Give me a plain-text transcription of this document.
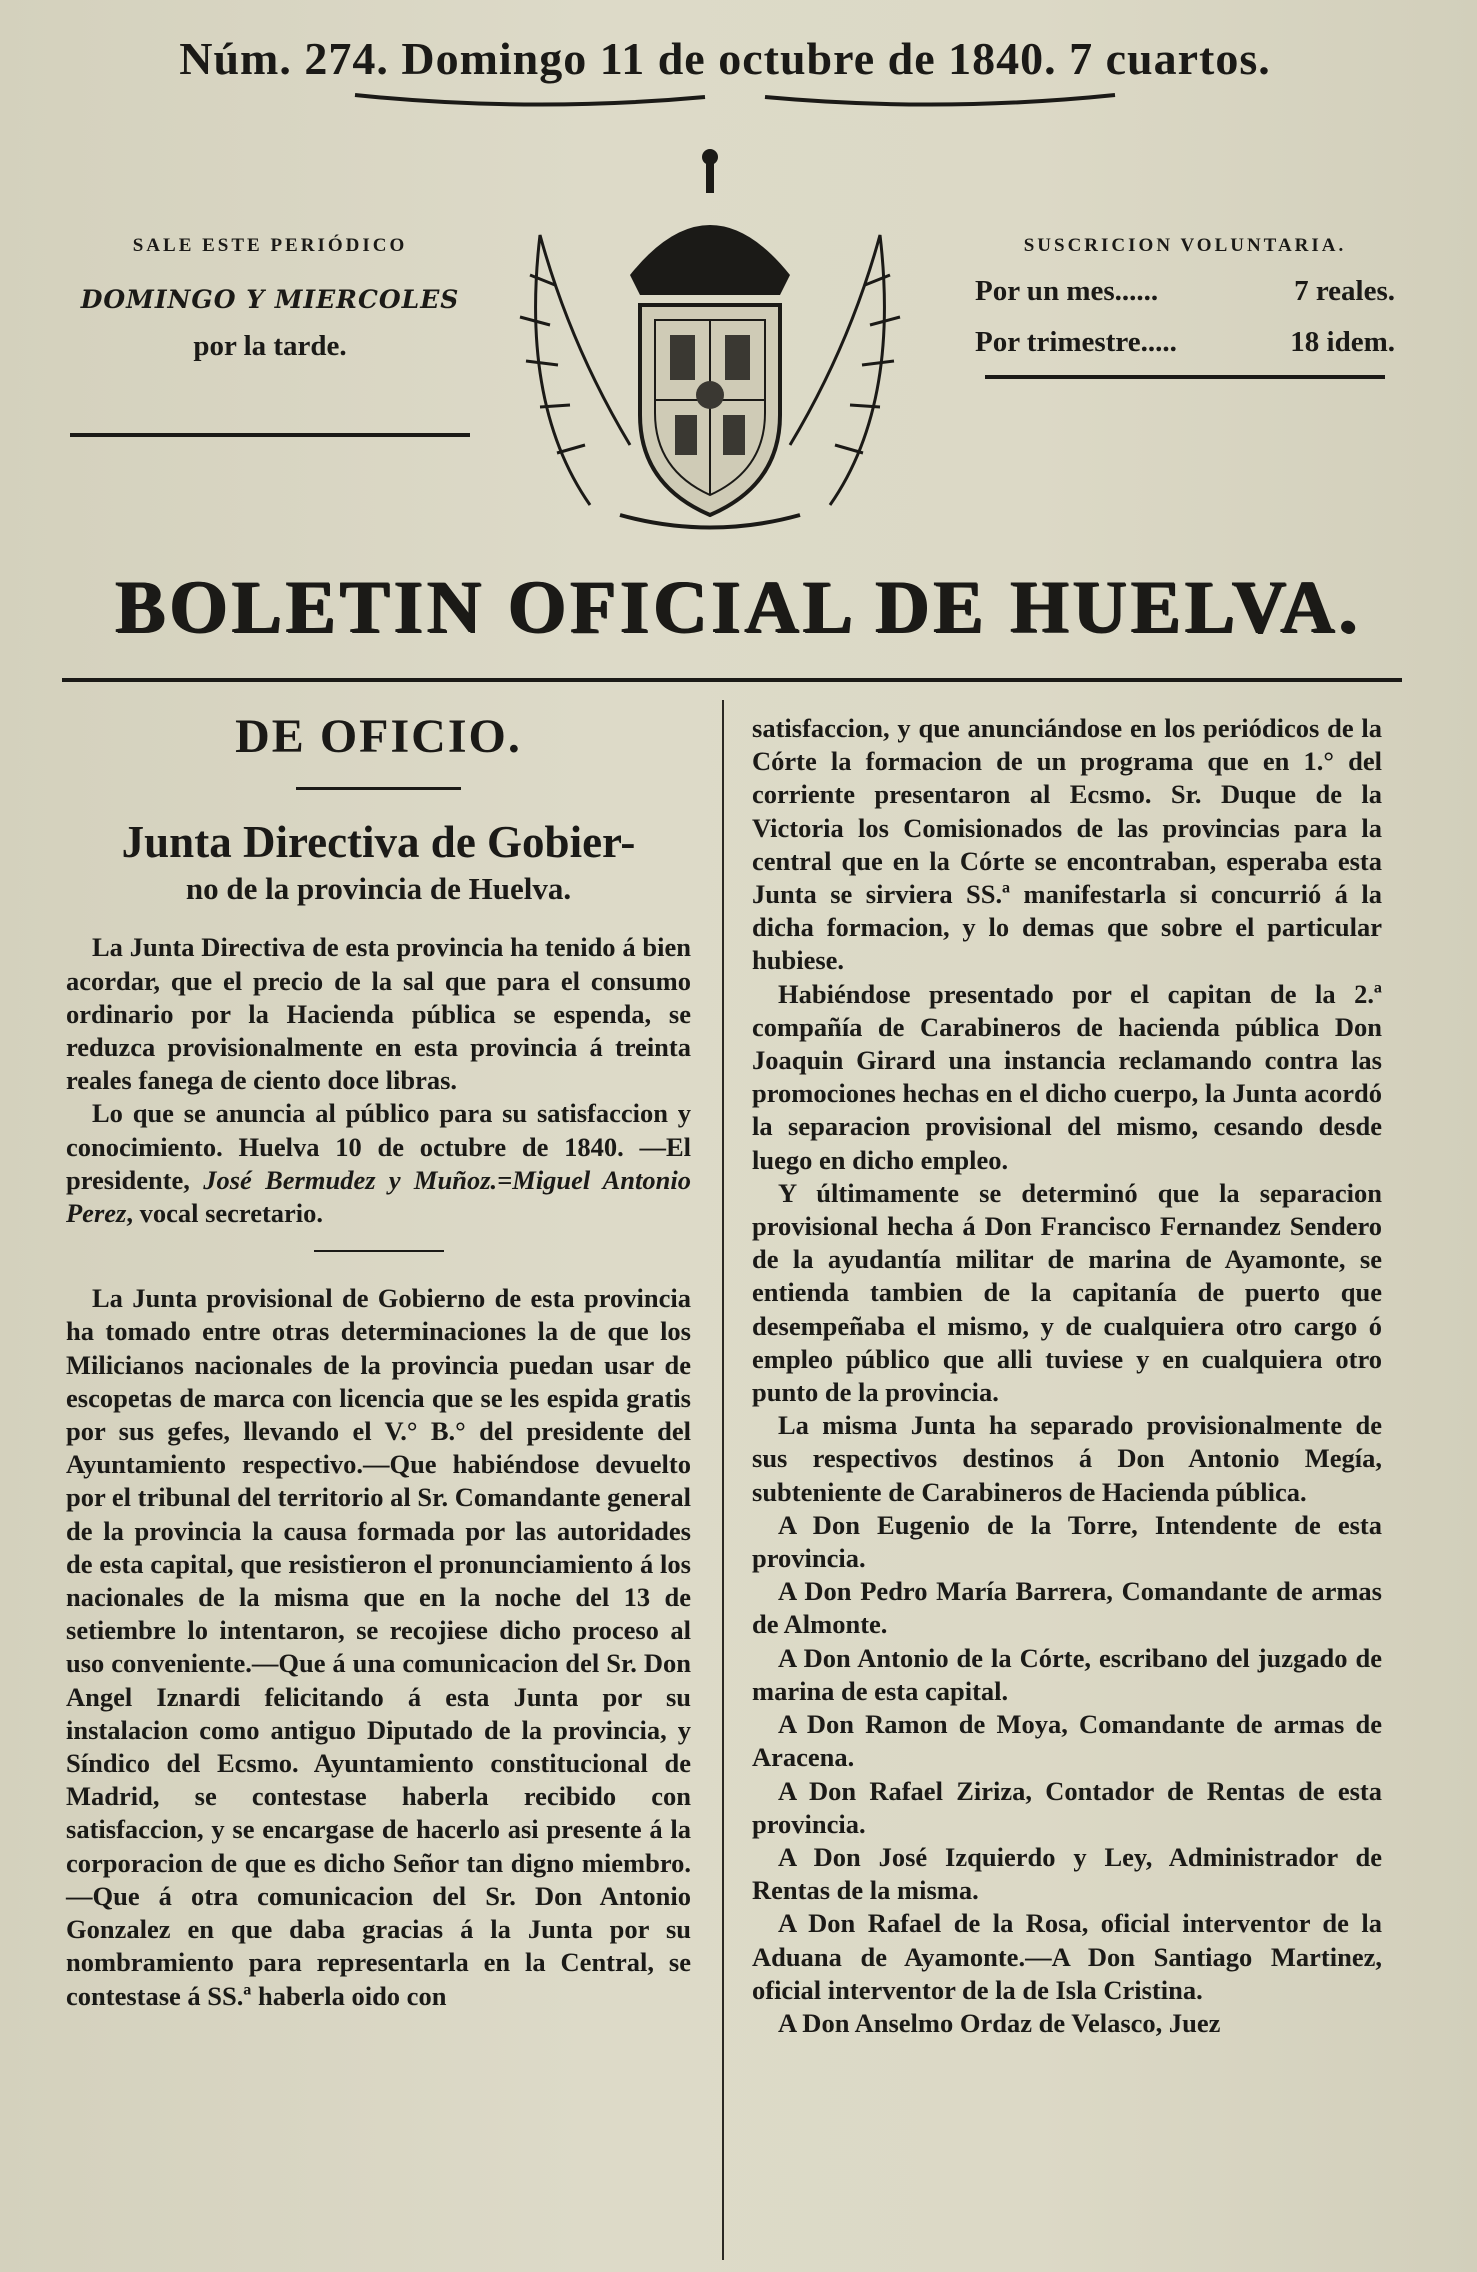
Núm. 274. Domingo 11 de octubre de 1840. 7 cuartos.
SALE ESTE PERIÓDICO
DOMINGO Y MIERCOLES
por la tarde.
SUSCRICION VOLUNTARIA.
Por un mes......	7 reales.
Por trimestre.....	18 idem.
BOLETIN OFICIAL DE HUELVA.
DE OFICIO.
Junta Directiva de Gobier-
no de la provincia de Huelva.

La Junta Directiva de esta provincia ha tenido á bien acordar, que el precio de la sal que para el consumo ordinario por la Hacienda pública se espenda, se reduzca provisionalmente en esta provincia á treinta reales fanega de ciento doce libras.

Lo que se anuncia al público para su satisfaccion y conocimiento. Huelva 10 de octubre de 1840. —El presidente, José Bermudez y Muñoz.=Miguel Antonio Perez, vocal secretario.

La Junta provisional de Gobierno de esta provincia ha tomado entre otras determinaciones la de que los Milicianos nacionales de la provincia puedan usar de escopetas de marca con licencia que se les espida gratis por sus gefes, llevando el V.° B.° del presidente del Ayuntamiento respectivo.—Que habiéndose devuelto por el tribunal del territorio al Sr. Comandante general de la provincia la causa formada por las autoridades de esta capital, que resistieron el pronunciamiento á los nacionales de la misma que en la noche del 13 de setiembre lo intentaron, se recojiese dicho proceso al uso conveniente.—Que á una comunicacion del Sr. Don Angel Iznardi felicitando á esta Junta por su instalacion como antiguo Diputado de la provincia, y Síndico del Ecsmo. Ayuntamiento constitucional de Madrid, se contestase haberla recibido con satisfaccion, y se encargase de hacerlo asi presente á la corporacion de que es dicho Señor tan digno miembro.—Que á otra comunicacion del Sr. Don Antonio Gonzalez en que daba gracias á la Junta por su nombramiento para representarla en la Central, se contestase á SS.ª haberla oido con

satisfaccion, y que anunciándose en los periódicos de la Córte la formacion de un programa que en 1.° del corriente presentaron al Ecsmo. Sr. Duque de la Victoria los Comisionados de las provincias para la central que en la Córte se encontraban, esperaba esta Junta se sirviera SS.ª manifestarla si concurrió á la dicha formacion, y lo demas que sobre el particular hubiese.

Habiéndose presentado por el capitan de la 2.ª compañía de Carabineros de hacienda pública Don Joaquin Girard una instancia reclamando contra las promociones hechas en el dicho cuerpo, la Junta acordó la separacion provisional del mismo, cesando desde luego en dicho empleo.

Y últimamente se determinó que la separacion provisional hecha á Don Francisco Fernandez Sendero de la ayudantía militar de marina de Ayamonte, se entienda tambien de la capitanía de puerto que desempeñaba el mismo, y de cualquiera otro cargo ó empleo público que alli tuviese y en cualquiera otro punto de la provincia.

La misma Junta ha separado provisionalmente de sus respectivos destinos á Don Antonio Megía, subteniente de Carabineros de Hacienda pública.

A Don Eugenio de la Torre, Intendente de esta provincia.

A Don Pedro María Barrera, Comandante de armas de Almonte.

A Don Antonio de la Córte, escribano del juzgado de marina de esta capital.

A Don Ramon de Moya, Comandante de armas de Aracena.

A Don Rafael Ziriza, Contador de Rentas de esta provincia.

A Don José Izquierdo y Ley, Administrador de Rentas de la misma.

A Don Rafael de la Rosa, oficial interventor de la Aduana de Ayamonte.—A Don Santiago Martinez, oficial interventor de la de Isla Cristina.

A Don Anselmo Ordaz de Velasco, Juez
